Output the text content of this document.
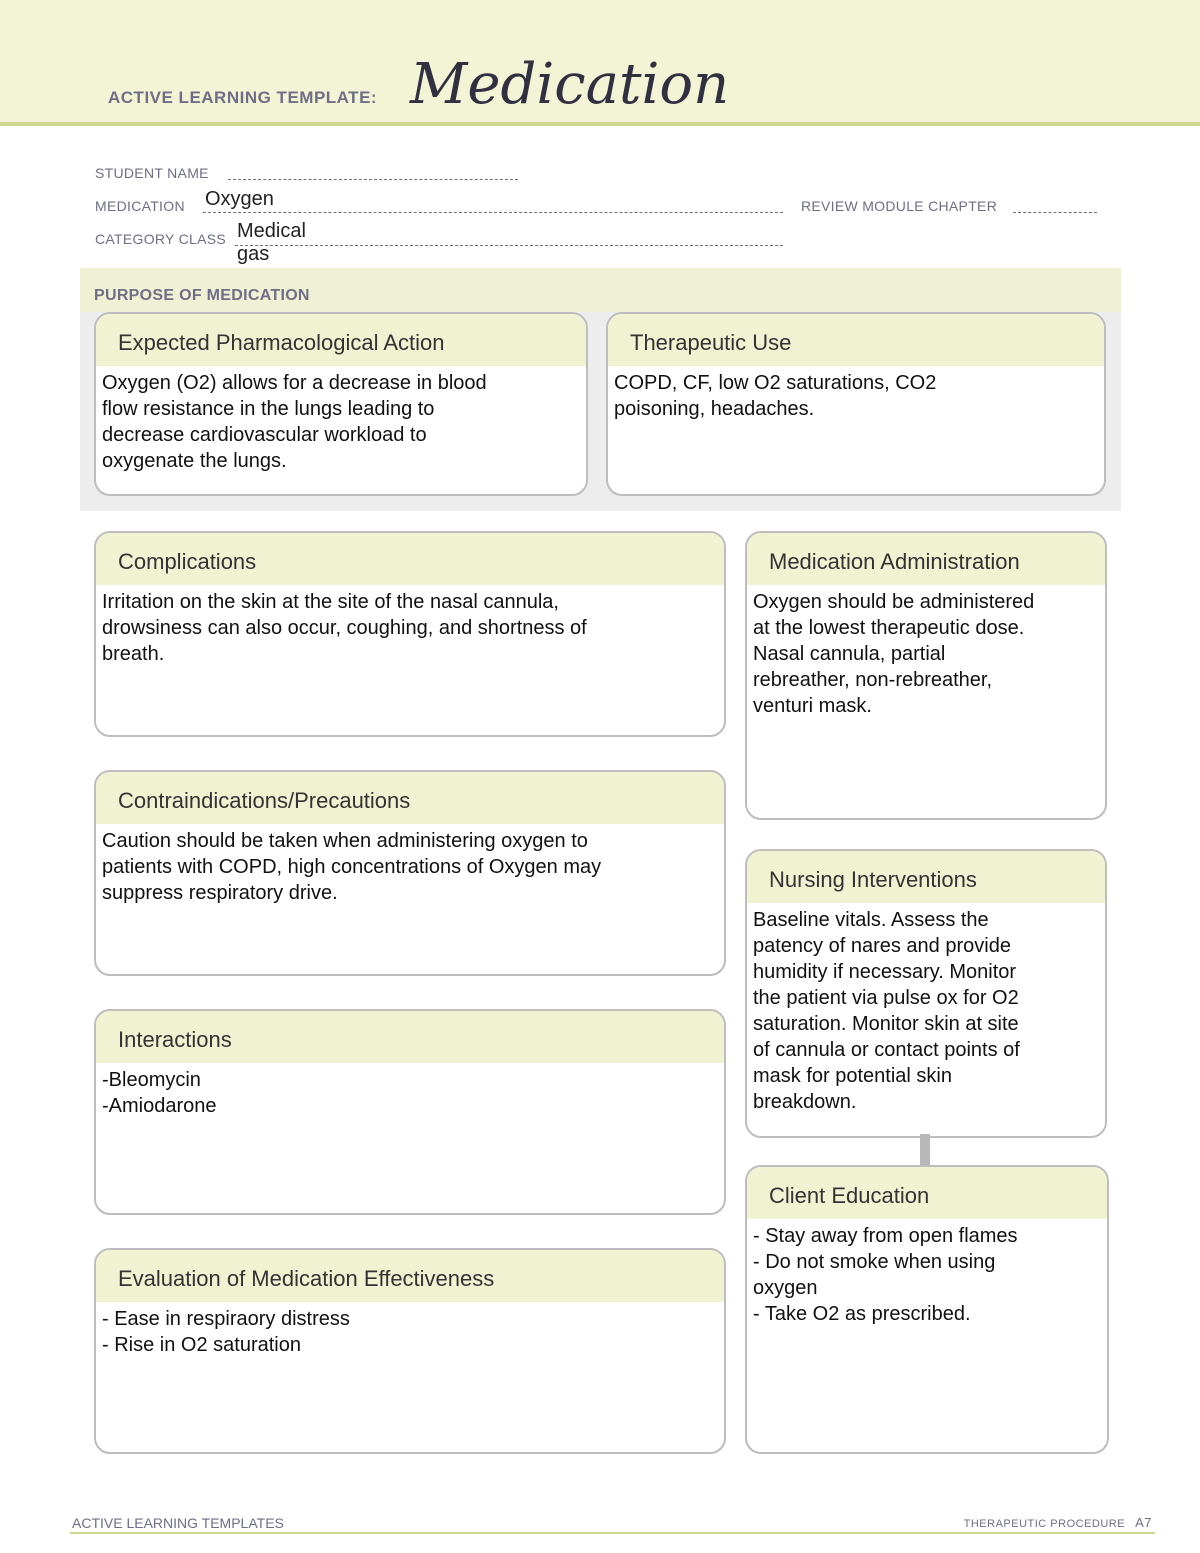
ACTIVE LEARNING TEMPLATE: Medication
STUDENT NAME
MEDICATION Oxygen	REVIEW MODULE CHAPTER
CATEGORY CLASS Medical gas
PURPOSE OF MEDICATION
Expected Pharmacological Action
Oxygen (O2) allows for a decrease in blood
flow resistance in the lungs leading to
decrease cardiovascular workload to
oxygenate the lungs.
Therapeutic Use
COPD, CF, low O2 saturations, CO2
poisoning, headaches.
Complications
Irritation on the skin at the site of the nasal cannula,
drowsiness can also occur, coughing, and shortness of
breath.
Contraindications/Precautions
Caution should be taken when administering oxygen to
patients with COPD, high concentrations of Oxygen may
suppress respiratory drive.
Interactions
-Bleomycin
-Amiodarone
Evaluation of Medication Effectiveness
- Ease in respiraory distress
- Rise in O2 saturation
Medication Administration
Oxygen should be administered
at the lowest therapeutic dose.
Nasal cannula, partial
rebreather, non-rebreather,
venturi mask.
Nursing Interventions
Baseline vitals. Assess the
patency of nares and provide
humidity if necessary. Monitor
the patient via pulse ox for O2
saturation. Monitor skin at site
of cannula or contact points of
mask for potential skin
breakdown.
Client Education
- Stay away from open flames
- Do not smoke when using
oxygen
- Take O2 as prescribed.
ACTIVE LEARNING TEMPLATES	THERAPEUTIC PROCEDURE A7
